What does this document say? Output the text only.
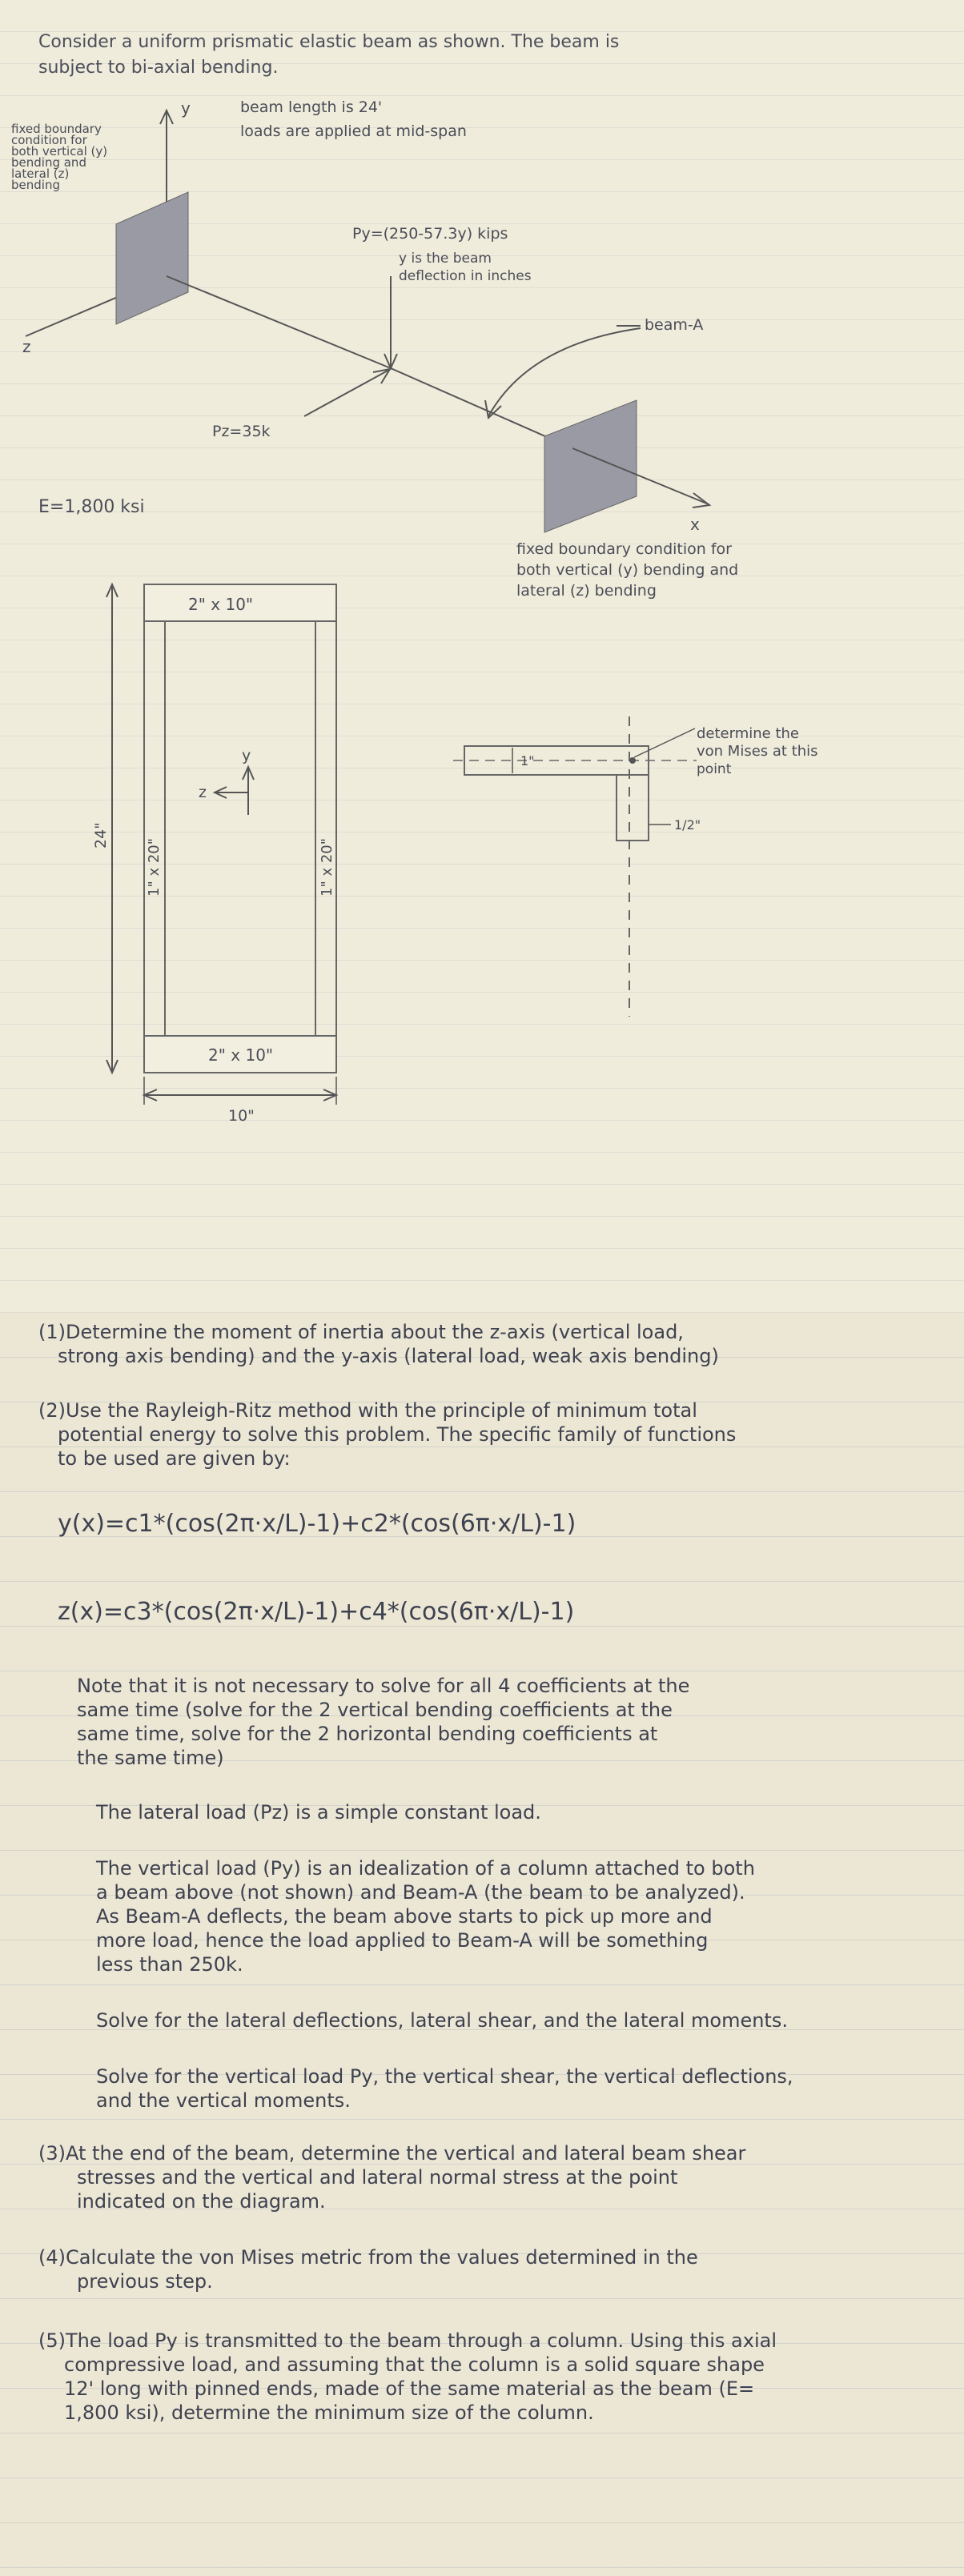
Consider a uniform prismatic elastic beam as shown. The beam is
subject to bi-axial bending.
y
z
x
fixed boundary
condition for
both vertical (y)
bending and
lateral (z)
bending
beam length is 24'
loads are applied at mid-span
Py=(250-57.3y) kips
y is the beam
deflection in inches
beam-A
Pz=35k
E=1,800 ksi
fixed boundary condition for
both vertical (y) bending and
lateral (z) bending
2" x 10"
2" x 10"
1" x 20"	1" x 20"
y
z
24"
10"
1"
1/2"
determine the
von Mises at this
point
(1)Determine the moment of inertia about the z-axis (vertical load,
strong axis bending) and the y-axis (lateral load, weak axis bending)
(2)Use the Rayleigh-Ritz method with the principle of minimum total
potential energy to solve this problem. The specific family of functions
to be used are given by:
y(x)=c1*(cos(2π·x/L)-1)+c2*(cos(6π·x/L)-1)
z(x)=c3*(cos(2π·x/L)-1)+c4*(cos(6π·x/L)-1)
Note that it is not necessary to solve for all 4 coefficients at the
same time (solve for the 2 vertical bending coefficients at the
same time, solve for the 2 horizontal bending coefficients at
the same time)
The lateral load (Pz) is a simple constant load.
The vertical load (Py) is an idealization of a column attached to both
a beam above (not shown) and Beam-A (the beam to be analyzed).
As Beam-A deflects, the beam above starts to pick up more and
more load, hence the load applied to Beam-A will be something
less than 250k.
Solve for the lateral deflections, lateral shear, and the lateral moments.
Solve for the vertical load Py, the vertical shear, the vertical deflections,
and the vertical moments.
(3)At the end of the beam, determine the vertical and lateral beam shear
stresses and the vertical and lateral normal stress at the point
indicated on the diagram.
(4)Calculate the von Mises metric from the values determined in the
previous step.
(5)The load Py is transmitted to the beam through a column. Using this axial
compressive load, and assuming that the column is a solid square shape
12' long with pinned ends, made of the same material as the beam (E=
1,800 ksi), determine the minimum size of the column.
